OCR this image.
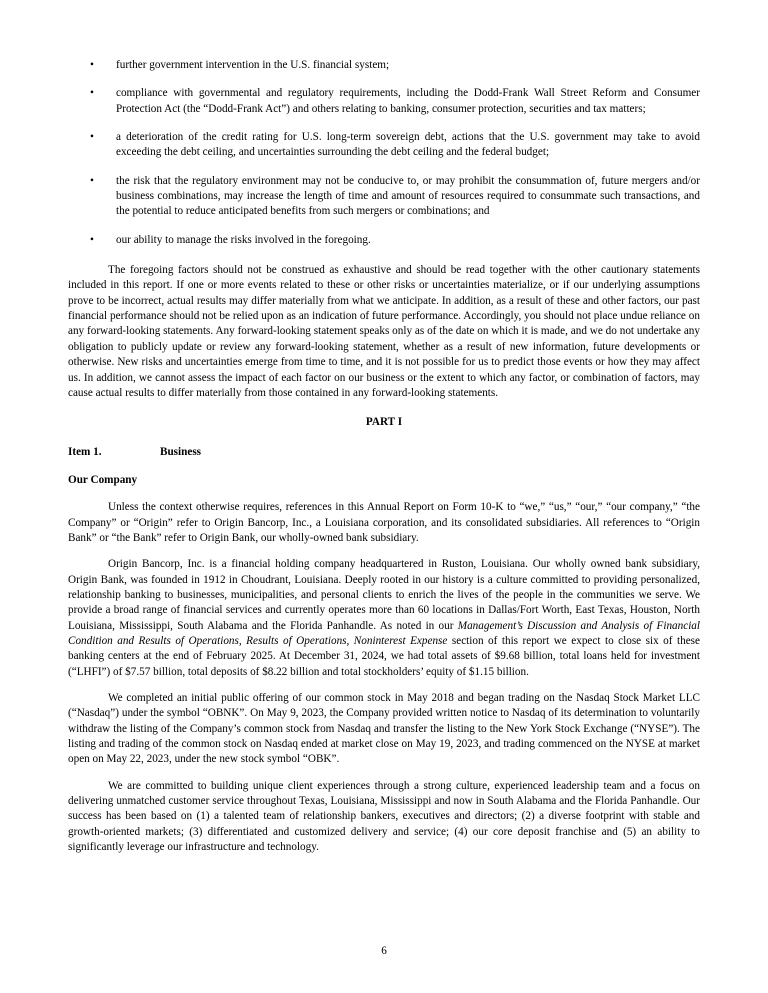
• further government intervention in the U.S. financial system;
• compliance with governmental and regulatory requirements, including the Dodd-Frank Wall Street Reform and Consumer Protection Act (the “Dodd-Frank Act”) and others relating to banking, consumer protection, securities and tax matters;
• a deterioration of the credit rating for U.S. long-term sovereign debt, actions that the U.S. government may take to avoid exceeding the debt ceiling, and uncertainties surrounding the debt ceiling and the federal budget;
• the risk that the regulatory environment may not be conducive to, or may prohibit the consummation of, future mergers and/or business combinations, may increase the length of time and amount of resources required to consummate such transactions, and the potential to reduce anticipated benefits from such mergers or combinations; and
• our ability to manage the risks involved in the foregoing.

The foregoing factors should not be construed as exhaustive and should be read together with the other cautionary statements included in this report. If one or more events related to these or other risks or uncertainties materialize, or if our underlying assumptions prove to be incorrect, actual results may differ materially from what we anticipate. In addition, as a result of these and other factors, our past financial performance should not be relied upon as an indication of future performance. Accordingly, you should not place undue reliance on any forward-looking statements. Any forward-looking statement speaks only as of the date on which it is made, and we do not undertake any obligation to publicly update or review any forward-looking statement, whether as a result of new information, future developments or otherwise. New risks and uncertainties emerge from time to time, and it is not possible for us to predict those events or how they may affect us. In addition, we cannot assess the impact of each factor on our business or the extent to which any factor, or combination of factors, may cause actual results to differ materially from those contained in any forward-looking statements.

PART I
Item 1.	Business
Our Company

Unless the context otherwise requires, references in this Annual Report on Form 10-K to “we,” “us,” “our,” “our company,” “the Company” or “Origin” refer to Origin Bancorp, Inc., a Louisiana corporation, and its consolidated subsidiaries. All references to “Origin Bank” or “the Bank” refer to Origin Bank, our wholly-owned bank subsidiary.

Origin Bancorp, Inc. is a financial holding company headquartered in Ruston, Louisiana. Our wholly owned bank subsidiary, Origin Bank, was founded in 1912 in Choudrant, Louisiana. Deeply rooted in our history is a culture committed to providing personalized, relationship banking to businesses, municipalities, and personal clients to enrich the lives of the people in the communities we serve. We provide a broad range of financial services and currently operates more than 60 locations in Dallas/Fort Worth, East Texas, Houston, North Louisiana, Mississippi, South Alabama and the Florida Panhandle. As noted in our Management’s Discussion and Analysis of Financial Condition and Results of Operations, Results of Operations, Noninterest Expense section of this report we expect to close six of these banking centers at the end of February 2025. At December 31, 2024, we had total assets of $9.68 billion, total loans held for investment (“LHFI”) of $7.57 billion, total deposits of $8.22 billion and total stockholders’ equity of $1.15 billion.

We completed an initial public offering of our common stock in May 2018 and began trading on the Nasdaq Stock Market LLC (“Nasdaq”) under the symbol “OBNK”. On May 9, 2023, the Company provided written notice to Nasdaq of its determination to voluntarily withdraw the listing of the Company’s common stock from Nasdaq and transfer the listing to the New York Stock Exchange (“NYSE”). The listing and trading of the common stock on Nasdaq ended at market close on May 19, 2023, and trading commenced on the NYSE at market open on May 22, 2023, under the new stock symbol “OBK”.

We are committed to building unique client experiences through a strong culture, experienced leadership team and a focus on delivering unmatched customer service throughout Texas, Louisiana, Mississippi and now in South Alabama and the Florida Panhandle. Our success has been based on (1) a talented team of relationship bankers, executives and directors; (2) a diverse footprint with stable and growth-oriented markets; (3) differentiated and customized delivery and service; (4) our core deposit franchise and (5) an ability to significantly leverage our infrastructure and technology.

6
